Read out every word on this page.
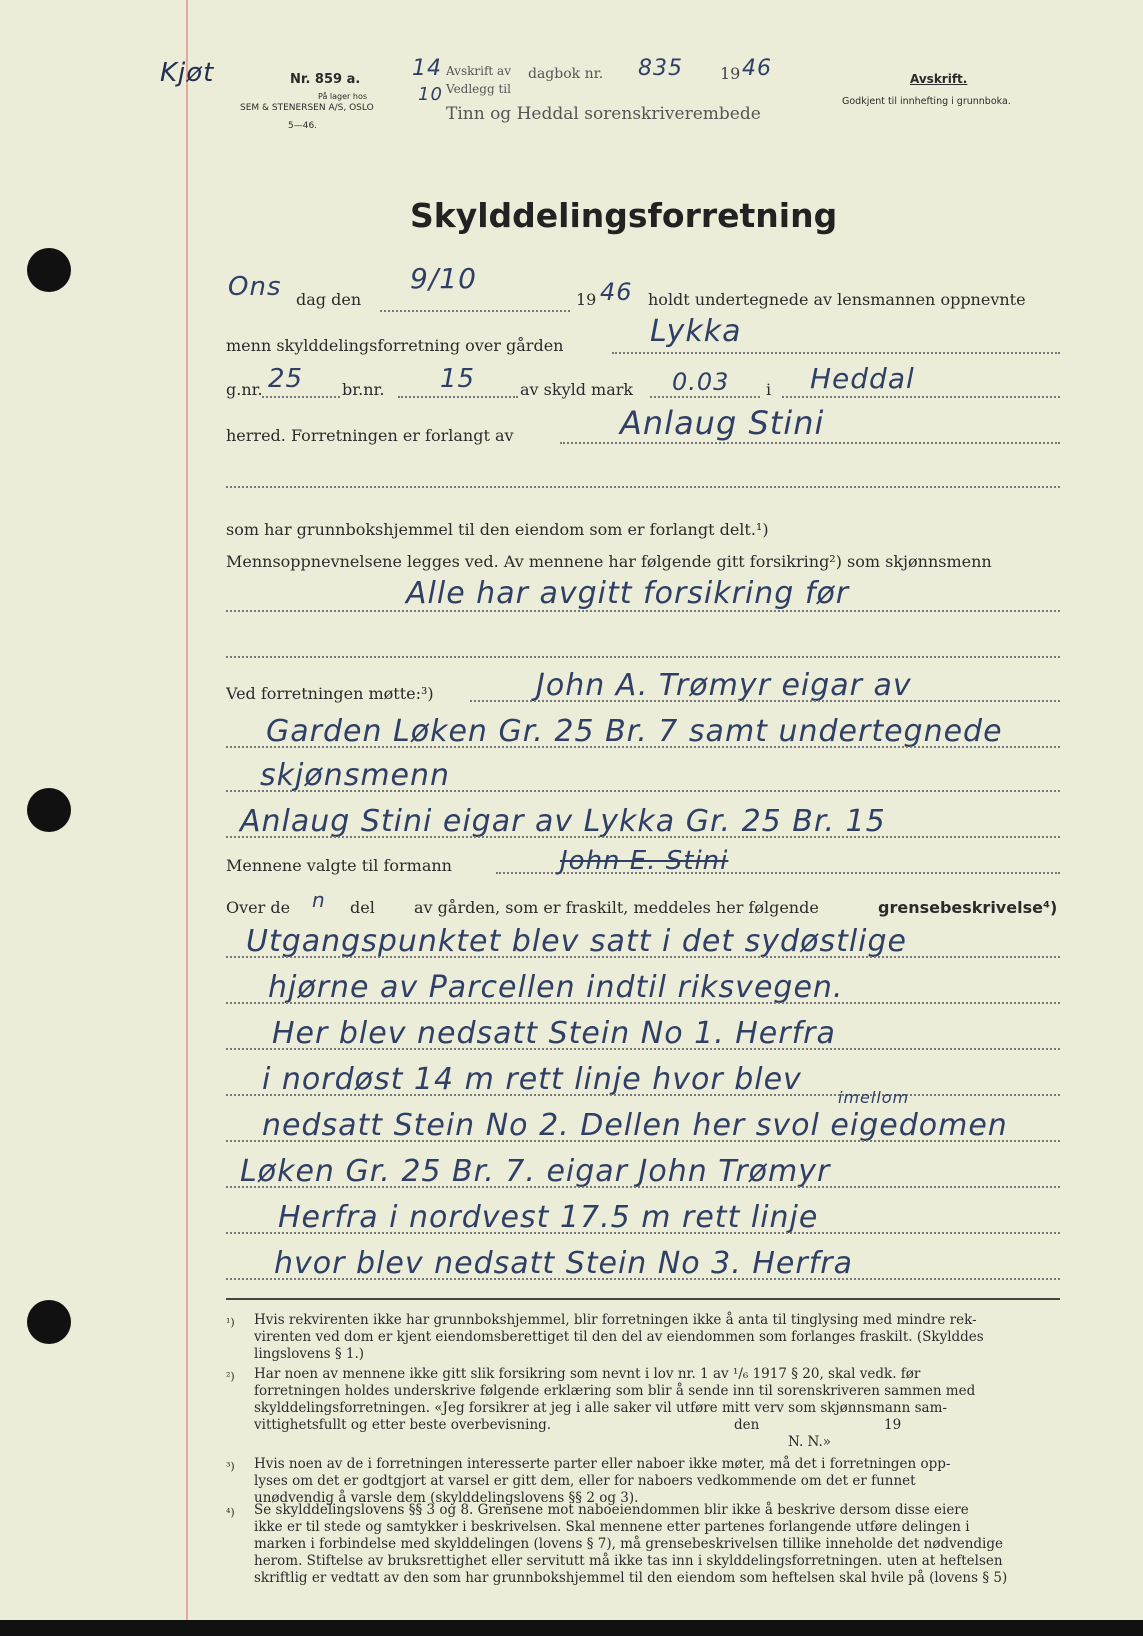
Kjøt	Nr. 859 a.
På lager hos
SEM & STENERSEN A/S, OSLO
5—46.
14
10
Avskrift av
Vedlegg til
dagbok nr. 835 19 46
Tinn og Heddal sorenskriverembede
Avskrift.
Godkjent til innhefting i grunnboka.
Skylddelingsforretning
Ons dag den
9/10
19 46 holdt undertegnede av lensmannen oppnevnte
menn skylddelingsforretning over gården	Lykka
g.nr. 25 br.nr. 15	av skyld mark 0.03 i Heddal
herred. Forretningen er forlangt av	Anlaug Stini
som har grunnbokshjemmel til den eiendom som er forlangt delt.¹)
Mennsoppnevnelsene legges ved. Av mennene har følgende gitt forsikring²) som skjønnsmenn
Alle har avgitt forsikring før
Ved forretningen møtte:³)	John A. Trømyr eigar av
Garden Løken Gr. 25 Br. 7 samt undertegnede
skjønsmenn
Anlaug Stini eigar av Lykka Gr. 25 Br. 15
Mennene valgte til formann	John E. Stini
Over de n del av gården, som er fraskilt, meddeles her følgende	grensebeskrivelse⁴)
Utgangspunktet blev satt i det sydøstlige
hjørne av Parcellen indtil riksvegen.
Her blev nedsatt Stein No 1. Herfra
i nordøst 14 m rett linje hvor blev
imellom
nedsatt Stein No 2. Dellen her svol eigedomen
Løken Gr. 25 Br. 7. eigar John Trømyr
Herfra i nordvest 17.5 m rett linje
hvor blev nedsatt Stein No 3. Herfra
¹) Hvis rekvirenten ikke har grunnbokshjemmel, blir forretningen ikke å anta til tinglysing med mindre rek-
virenten ved dom er kjent eiendomsberettiget til den del av eiendommen som forlanges fraskilt. (Skylddes
lingslovens § 1.)
²) Har noen av mennene ikke gitt slik forsikring som nevnt i lov nr. 1 av ¹/₆ 1917 § 20, skal vedk. før
forretningen holdes underskrive følgende erklæring som blir å sende inn til sorenskriveren sammen med
skylddelingsforretningen. «Jeg forsikrer at jeg i alle saker vil utføre mitt verv som skjønnsmann sam-
vittighetsfullt og etter beste overbevisning.	den	19
N. N.»
³) Hvis noen av de i forretningen interesserte parter eller naboer ikke møter, må det i forretningen opp-
lyses om det er godtgjort at varsel er gitt dem, eller for naboers vedkommende om det er funnet
unødvendig å varsle dem (skylddelingslovens §§ 2 og 3).
⁴) Se skylddelingslovens §§ 3 og 8. Grensene mot naboeiendommen blir ikke å beskrive dersom disse eiere
ikke er til stede og samtykker i beskrivelsen. Skal mennene etter partenes forlangende utføre delingen i
marken i forbindelse med skylddelingen (lovens § 7), må grensebeskrivelsen tillike inneholde det nødvendige
herom. Stiftelse av bruksrettighet eller servitutt må ikke tas inn i skylddelingsforretningen. uten at heftelsen
skriftlig er vedtatt av den som har grunnbokshjemmel til den eiendom som heftelsen skal hvile på (lovens § 5)
